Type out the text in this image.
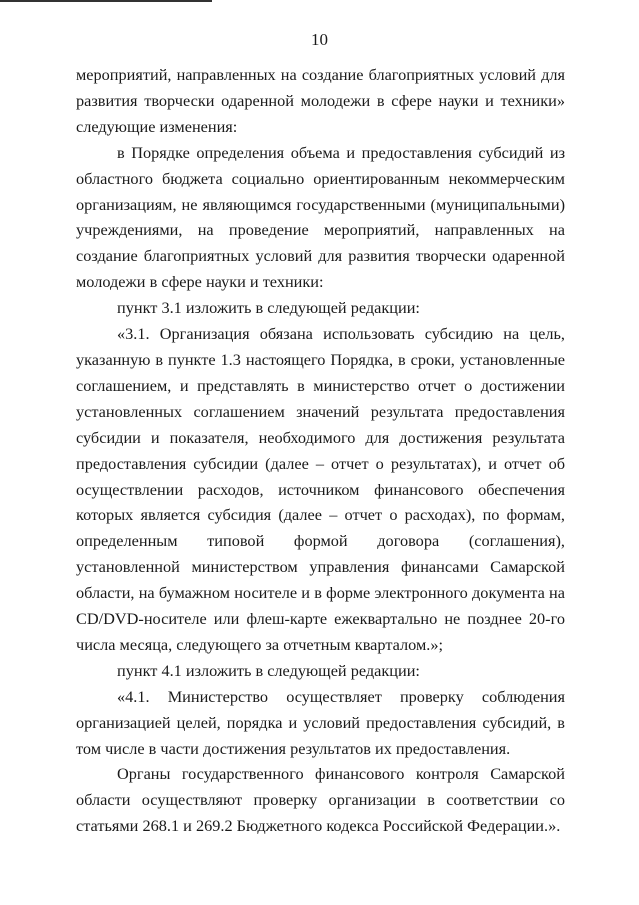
10

мероприятий, направленных на создание благоприятных условий для развития творчески одаренной молодежи в сфере науки и техники» следующие изменения:

в Порядке определения объема и предоставления субсидий из областного бюджета социально ориентированным некоммерческим организациям, не являющимся государственными (муниципальными) учреждениями, на проведение мероприятий, направленных на создание благоприятных условий для развития творчески одаренной молодежи в сфере науки и техники:

пункт 3.1 изложить в следующей редакции:

«3.1. Организация обязана использовать субсидию на цель, указанную в пункте 1.3 настоящего Порядка, в сроки, установленные соглашением, и представлять в министерство отчет о достижении установленных соглашением значений результата предоставления субсидии и показателя, необходимого для достижения результата предоставления субсидии (далее – отчет о результатах), и отчет об осуществлении расходов, источником финансового обеспечения которых является субсидия (далее – отчет о расходах), по формам, определенным типовой формой договора (соглашения), установленной министерством управления финансами Самарской области, на бумажном носителе и в форме электронного документа на CD/DVD-носителе или флеш-карте ежеквартально не позднее 20-го числа месяца, следующего за отчетным кварталом.»;

пункт 4.1 изложить в следующей редакции:

«4.1. Министерство осуществляет проверку соблюдения организацией целей, порядка и условий предоставления субсидий, в том числе в части достижения результатов их предоставления.

Органы государственного финансового контроля Самарской области осуществляют проверку организации в соответствии со статьями 268.1 и 269.2 Бюджетного кодекса Российской Федерации.».
